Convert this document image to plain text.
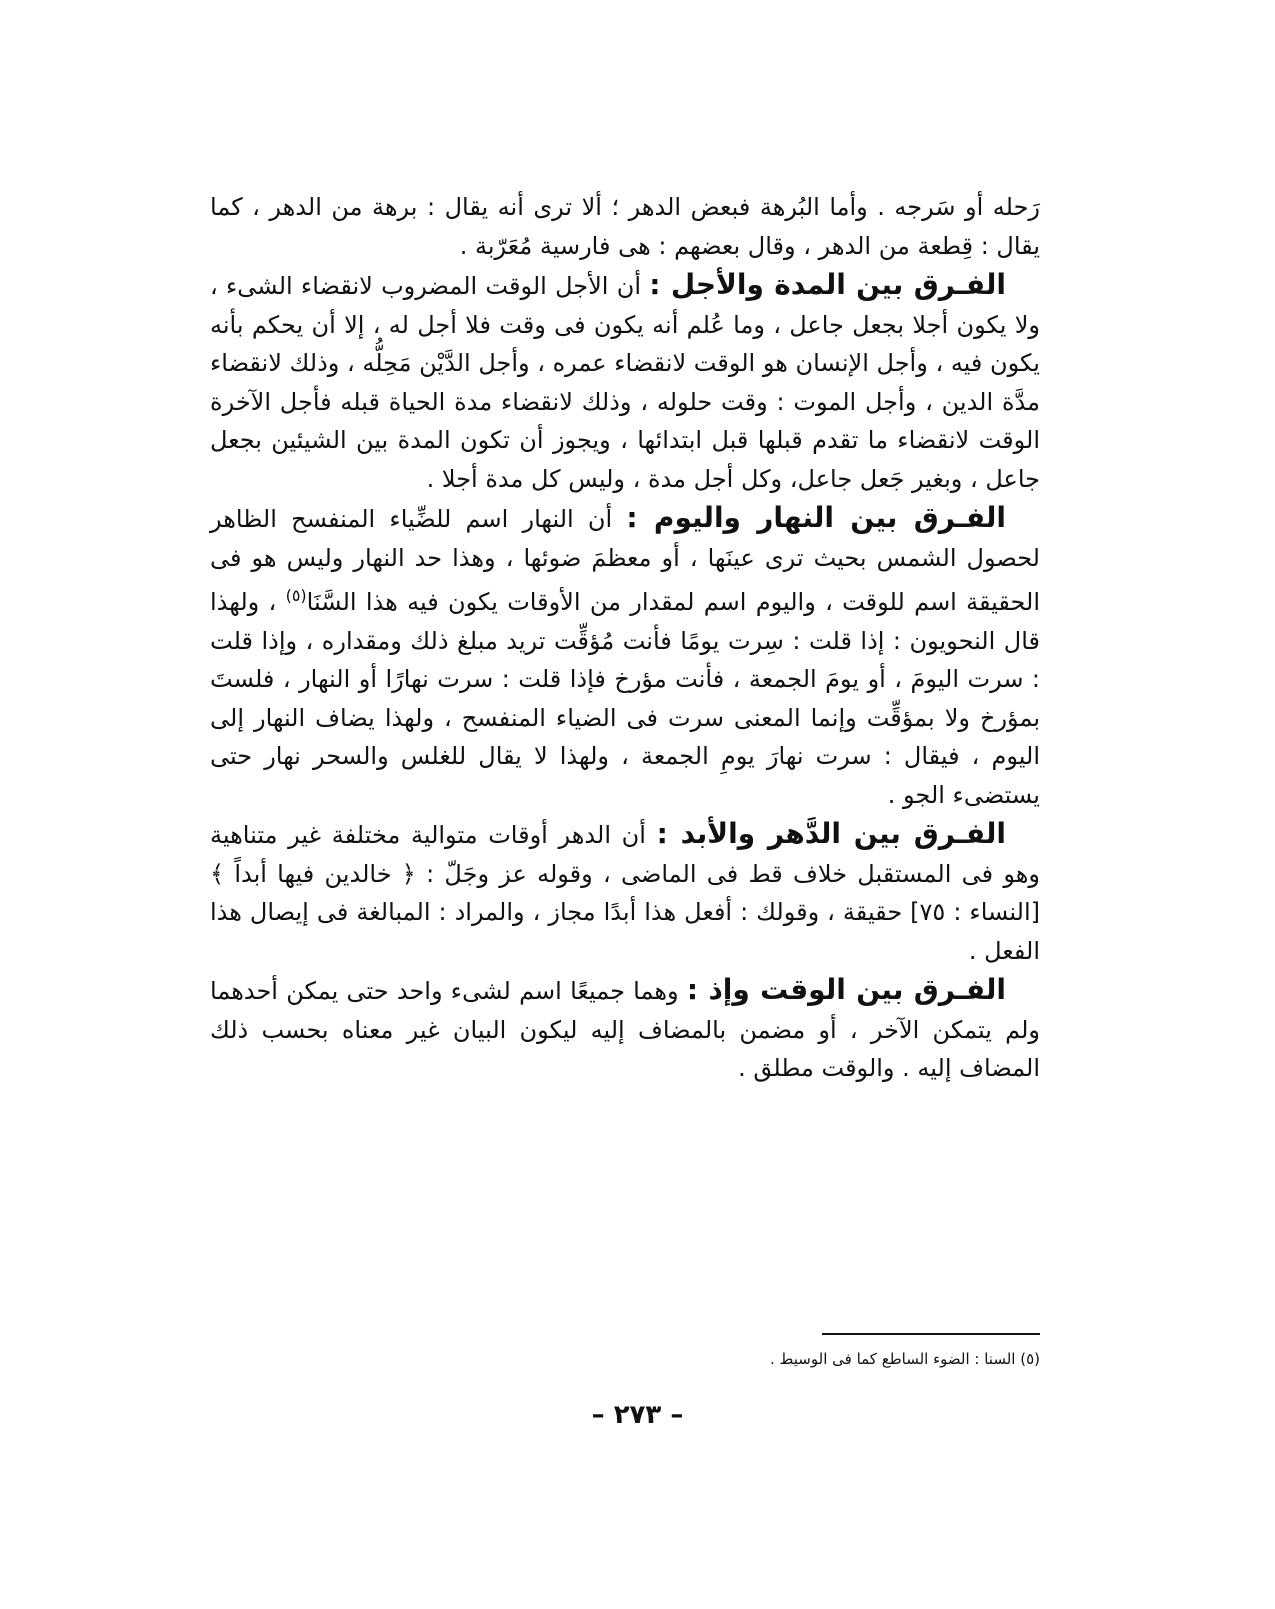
رَحله أو سَرجه . وأما البُرهة فبعض الدهر ؛ ألا ترى أنه يقال : برهة من الدهر ، كما يقال : قِطعة من الدهر ، وقال بعضهم : هى فارسية مُعَرّبة .

الفـرق بين المدة والأجل : أن الأجل الوقت المضروب لانقضاء الشىء ، ولا يكون أجلا بجعل جاعل ، وما عُلم أنه يكون فى وقت فلا أجل له ، إلا أن يحكم بأنه يكون فيه ، وأجل الإنسان هو الوقت لانقضاء عمره ، وأجل الدَّيْن مَحِلُّه ، وذلك لانقضاء مدَّة الدين ، وأجل الموت : وقت حلوله ، وذلك لانقضاء مدة الحياة قبله فأجل الآخرة الوقت لانقضاء ما تقدم قبلها قبل ابتدائها ، ويجوز أن تكون المدة بين الشيئين بجعل جاعل ، وبغير جَعل جاعل، وكل أجل مدة ، وليس كل مدة أجلا .

الفـرق بين النهار واليوم : أن النهار اسم للضِّياء المنفسح الظاهر لحصول الشمس بحيث ترى عينَها ، أو معظمَ ضوئها ، وهذا حد النهار وليس هو فى الحقيقة اسم للوقت ، واليوم اسم لمقدار من الأوقات يكون فيه هذا السَّنَا$^{(٥)}$ ، ولهذا قال النحويون : إذا قلت : سِرت يومًا فأنت مُؤقِّت تريد مبلغ ذلك ومقداره ، وإذا قلت : سرت اليومَ ، أو يومَ الجمعة ، فأنت مؤرخ فإذا قلت : سرت نهارًا أو النهار ، فلستَ بمؤرخ ولا بمؤقِّت وإنما المعنى سرت فى الضياء المنفسح ، ولهذا يضاف النهار إلى اليوم ، فيقال : سرت نهارَ يومِ الجمعة ، ولهذا لا يقال للغلس والسحر نهار حتى يستضىء الجو .

الفـرق بين الدَّهر والأبد : أن الدهر أوقات متوالية مختلفة غير متناهية وهو فى المستقبل خلاف قط فى الماضى ، وقوله عز وجَلّ : ﴿ خالدين فيها أبداً ﴾ [النساء : ٧٥] حقيقة ، وقولك : أفعل هذا أبدًا مجاز ، والمراد : المبالغة فى إيصال هذا الفعل .

الفـرق بين الوقت وإذ : وهما جميعًا اسم لشىء واحد حتى يمكن أحدهما ولم يتمكن الآخر ، أو مضمن بالمضاف إليه ليكون البيان غير معناه بحسب ذلك المضاف إليه . والوقت مطلق .

(٥) السنا : الضوء الساطع كما فى الوسيط .
– ٢٧٣ –
